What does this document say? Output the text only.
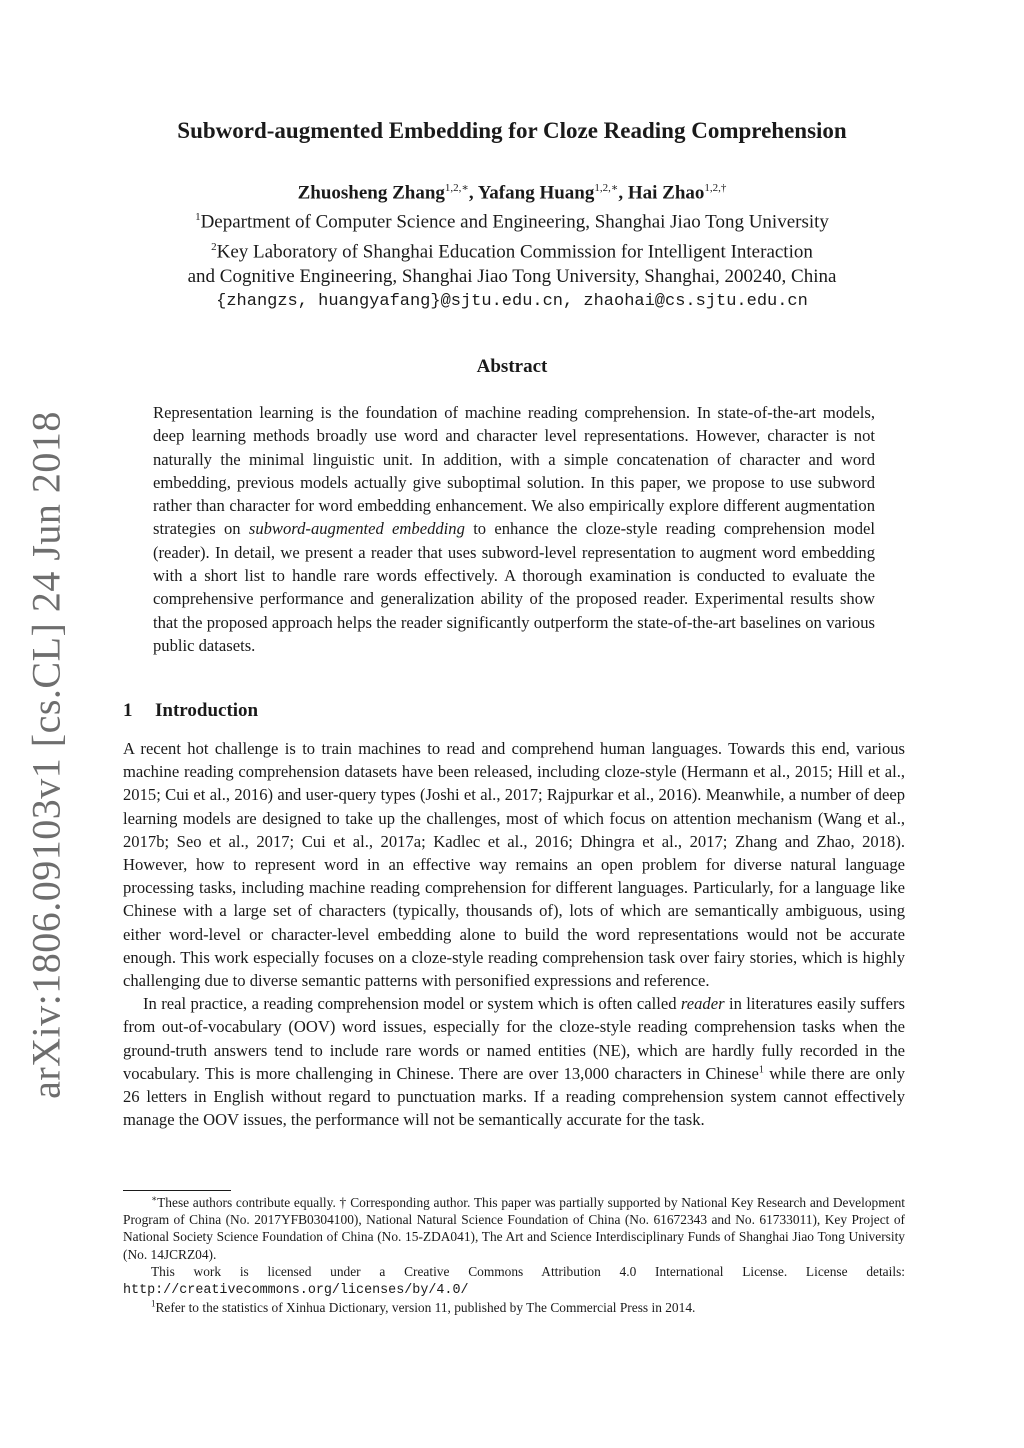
arXiv:1806.09103v1 [cs.CL] 24 Jun 2018
Subword-augmented Embedding for Cloze Reading Comprehension
Zhuosheng Zhang$^{1,2,∗}$, Yafang Huang$^{1,2,∗}$, Hai Zhao$^{1,2,\dagger}$
$^1$Department of Computer Science and Engineering, Shanghai Jiao Tong University
$^2$Key Laboratory of Shanghai Education Commission for Intelligent Interaction
and Cognitive Engineering, Shanghai Jiao Tong University, Shanghai, 200240, China
{zhangzs, huangyafang}@sjtu.edu.cn, zhaohai@cs.sjtu.edu.cn
Abstract

Representation learning is the foundation of machine reading comprehension. In state-of-the-art models, deep learning methods broadly use word and character level representations. However, character is not naturally the minimal linguistic unit. In addition, with a simple concatenation of character and word embedding, previous models actually give suboptimal solution. In this paper, we propose to use subword rather than character for word embedding enhancement. We also empirically explore different augmentation strategies on subword-augmented embedding to enhance the cloze-style reading comprehension model (reader). In detail, we present a reader that uses subword-level representation to augment word embedding with a short list to handle rare words effectively. A thorough examination is conducted to evaluate the comprehensive performance and generalization ability of the proposed reader. Experimental results show that the proposed approach helps the reader significantly outperform the state-of-the-art baselines on various public datasets.

1 Introduction

A recent hot challenge is to train machines to read and comprehend human languages. Towards this end, various machine reading comprehension datasets have been released, including cloze-style (Hermann et al., 2015; Hill et al., 2015; Cui et al., 2016) and user-query types (Joshi et al., 2017; Rajpurkar et al., 2016). Meanwhile, a number of deep learning models are designed to take up the challenges, most of which focus on attention mechanism (Wang et al., 2017b; Seo et al., 2017; Cui et al., 2017a; Kadlec et al., 2016; Dhingra et al., 2017; Zhang and Zhao, 2018). However, how to represent word in an effective way remains an open problem for diverse natural language processing tasks, including machine reading comprehension for different languages. Particularly, for a language like Chinese with a large set of characters (typically, thousands of), lots of which are semantically ambiguous, using either word-level or character-level embedding alone to build the word representations would not be accurate enough. This work especially focuses on a cloze-style reading comprehension task over fairy stories, which is highly challenging due to diverse semantic patterns with personified expressions and reference.

In real practice, a reading comprehension model or system which is often called reader in literatures easily suffers from out-of-vocabulary (OOV) word issues, especially for the cloze-style reading comprehension tasks when the ground-truth answers tend to include rare words or named entities (NE), which are hardly fully recorded in the vocabulary. This is more challenging in Chinese. There are over 13,000 characters in Chinese$^1$ while there are only 26 letters in English without regard to punctuation marks. If a reading comprehension system cannot effectively manage the OOV issues, the performance will not be semantically accurate for the task.

∗These authors contribute equally. † Corresponding author. This paper was partially supported by National Key Research and Development Program of China (No. 2017YFB0304100), National Natural Science Foundation of China (No. 61672343 and No. 61733011), Key Project of National Society Science Foundation of China (No. 15-ZDA041), The Art and Science Interdisciplinary Funds of Shanghai Jiao Tong University (No. 14JCRZ04).

This work is licensed under a Creative Commons Attribution 4.0 International License. License details: http://creativecommons.org/licenses/by/4.0/

$^1$Refer to the statistics of Xinhua Dictionary, version 11, published by The Commercial Press in 2014.
